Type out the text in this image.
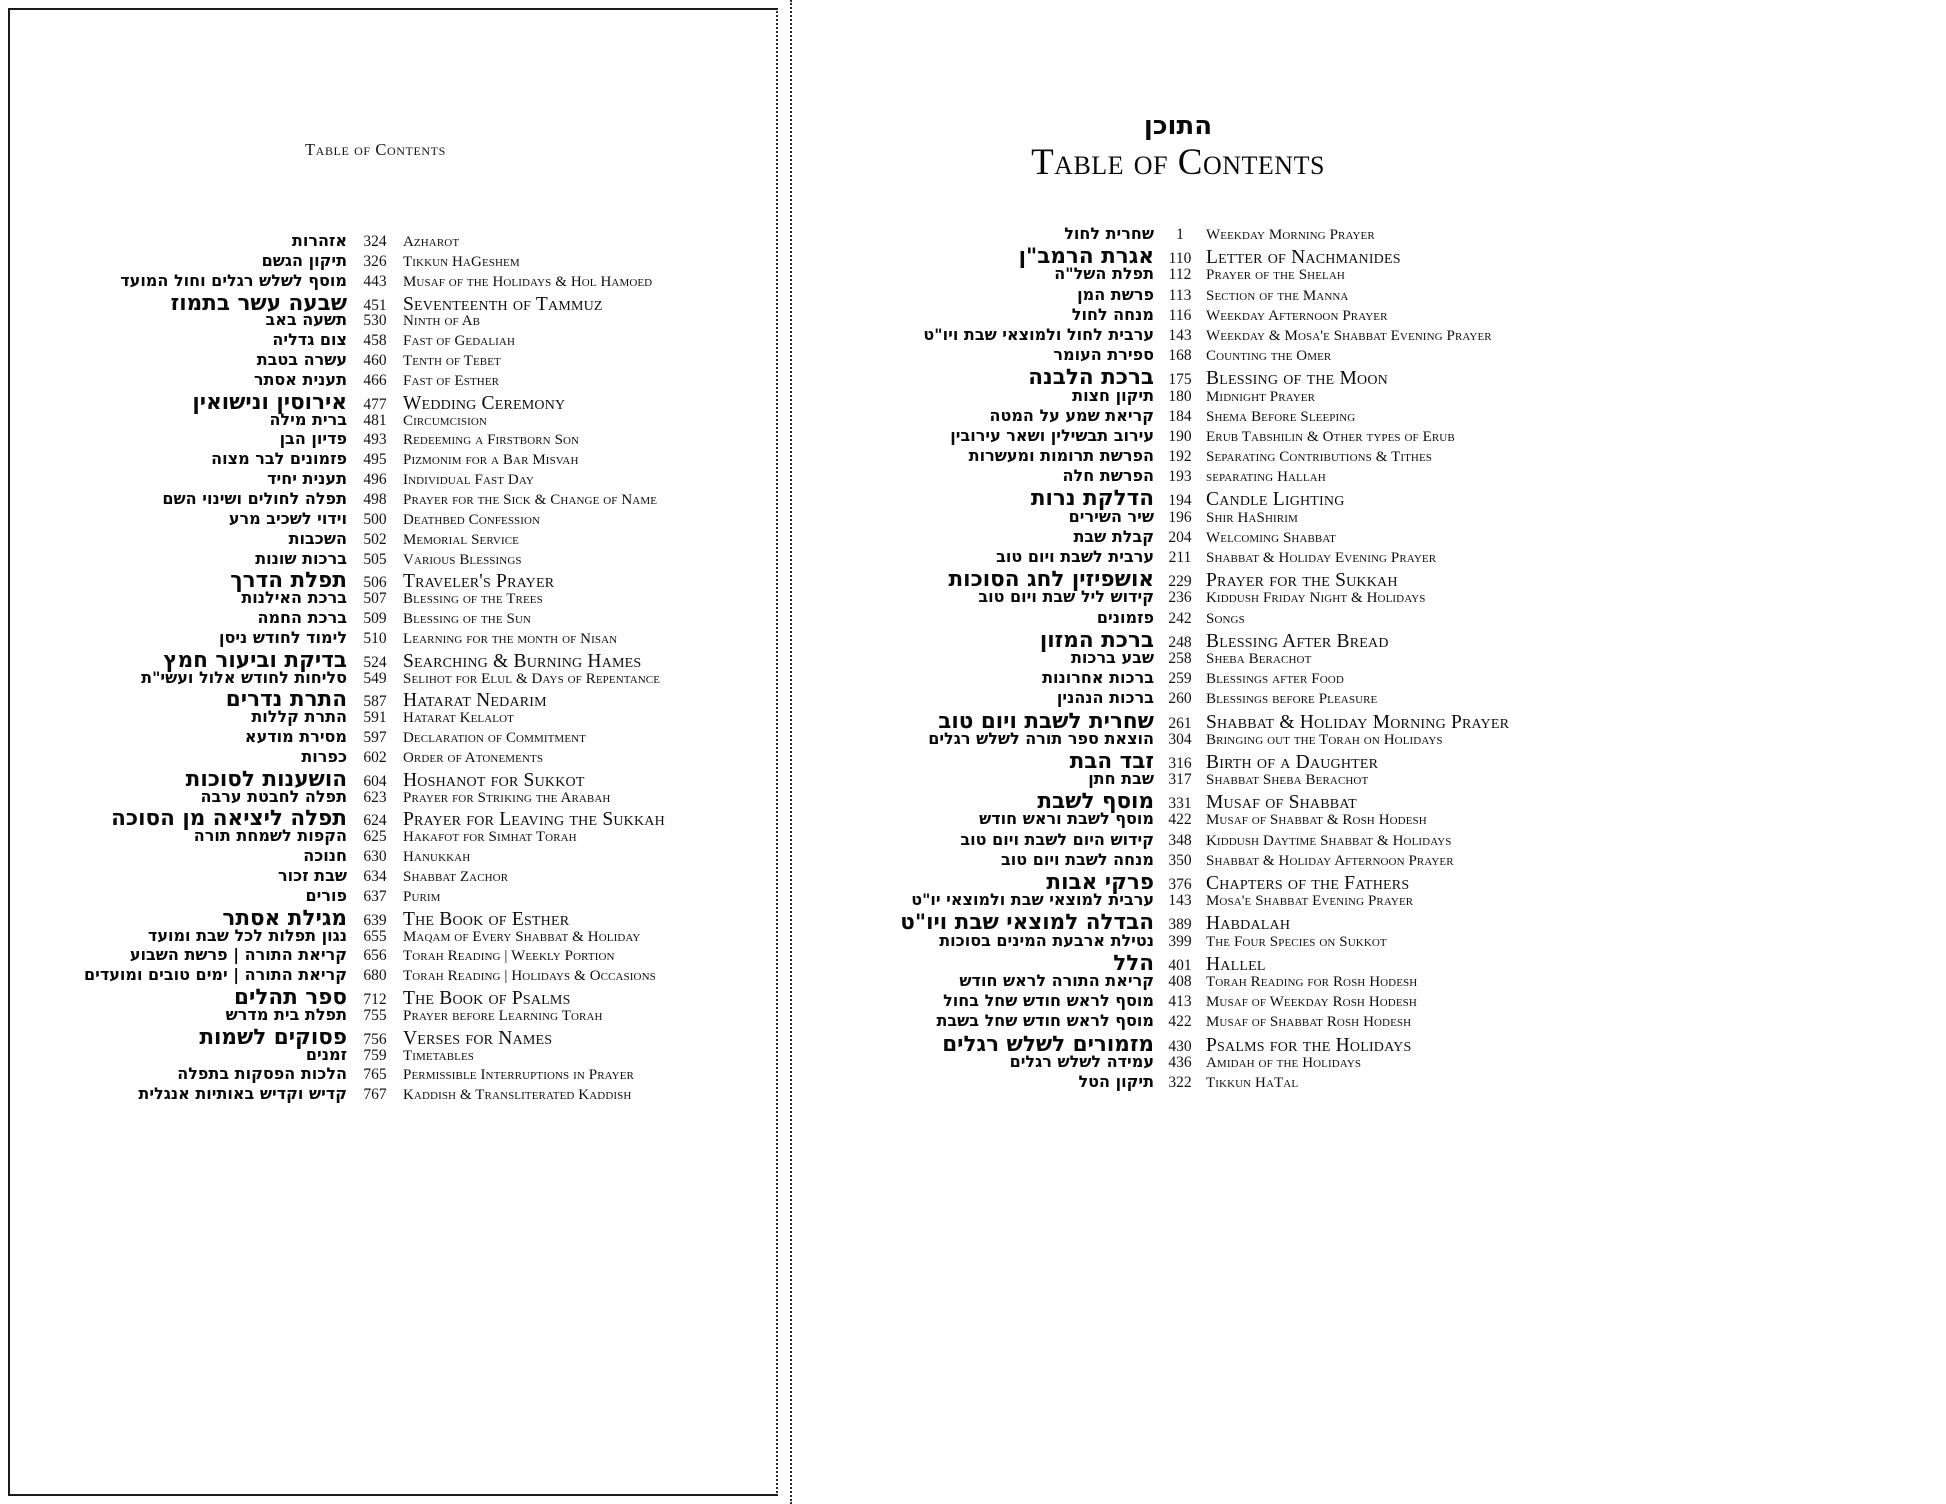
Table of Contents
אזהרות	324	Azharot
תיקון הגשם	326	Tikkun HaGeshem
מוסף לשלש רגלים וחול המועד	443	Musaf of the Holidays & Hol Hamoed
שבעה עשר בתמוז	451 Seventeenth of Tammuz
תשעה באב	530	Ninth of Ab
צום גדליה	458	Fast of Gedaliah
עשרה בטבת	460	Tenth of Tebet
תענית אסתר	466	Fast of Esther
אירוסין ונישואין	477 Wedding Ceremony
ברית מילה	481	Circumcision
פדיון הבן	493	Redeeming a Firstborn Son
פזמונים לבר מצוה	495	Pizmonim for a Bar Misvah
תענית יחיד	496	Individual Fast Day
תפלה לחולים ושינוי השם	498	Prayer for the Sick & Change of Name
וידוי לשכיב מרע	500	Deathbed Confession
השכבות	502	Memorial Service
ברכות שונות	505	Various Blessings
תפלת הדרך	506 Traveler's Prayer
ברכת האילנות	507	Blessing of the Trees
ברכת החמה	509	Blessing of the Sun
לימוד לחודש ניסן	510	Learning for the month of Nisan
בדיקת וביעור חמץ	524 Searching & Burning Hames
סליחות לחודש אלול ועשי"ת	549	Selihot for Elul & Days of Repentance
התרת נדרים	587 Hatarat Nedarim
התרת קללות	591	Hatarat Kelalot
מסירת מודעא	597	Declaration of Commitment
כפרות	602	Order of Atonements
הושענות לסוכות	604 Hoshanot for Sukkot
תפלה לחבטת ערבה	623	Prayer for Striking the Arabah
תפלה ליציאה מן הסוכה	624 Prayer for Leaving the Sukkah
הקפות לשמחת תורה	625	Hakafot for Simhat Torah
חנוכה	630	Hanukkah
שבת זכור	634	Shabbat Zachor
פורים	637	Purim
מגילת אסתר	639 The Book of Esther
נגון תפלות לכל שבת ומועד	655	Maqam of Every Shabbat & Holiday
קריאת התורה | פרשת השבוע	656	Torah Reading | Weekly Portion
קריאת התורה | ימים טובים ומועדים	680	Torah Reading | Holidays & Occasions
ספר תהלים	712 The Book of Psalms
תפלת בית מדרש	755	Prayer before Learning Torah
פסוקים לשמות	756 Verses for Names
זמנים	759	Timetables
הלכות הפסקות בתפלה	765	Permissible Interruptions in Prayer
קדיש וקדיש באותיות אנגלית	767	Kaddish & Transliterated Kaddish
התוכן
Table of Contents
שחרית לחול	1	Weekday Morning Prayer
אגרת הרמב"ן 110 Letter of Nachmanides
תפלת השל"ה 112 Prayer of the Shelah
פרשת המן 113 Section of the Manna
מנחה לחול 116 Weekday Afternoon Prayer
ערבית לחול ולמוצאי שבת ויו"ט 143 Weekday & Mosa'e Shabbat Evening Prayer
ספירת העומר 168 Counting the Omer
ברכת הלבנה 175 Blessing of the Moon
תיקון חצות 180 Midnight Prayer
קריאת שמע על המטה 184 Shema Before Sleeping
עירוב תבשילין ושאר עירובין 190 Erub Tabshilin & Other types of Erub
הפרשת תרומות ומעשרות 192 Separating Contributions & Tithes
הפרשת חלה 193 separating Hallah
הדלקת נרות 194 Candle Lighting
שיר השירים 196 Shir HaShirim
קבלת שבת 204 Welcoming Shabbat
ערבית לשבת ויום טוב 211 Shabbat & Holiday Evening Prayer
אושפיזין לחג הסוכות 229 Prayer for the Sukkah
קידוש ליל שבת ויום טוב 236 Kiddush Friday Night & Holidays
פזמונים 242 Songs
ברכת המזון 248 Blessing After Bread
שבע ברכות 258 Sheba Berachot
ברכות אחרונות 259 Blessings after Food
ברכות הנהנין 260 Blessings before Pleasure
שחרית לשבת ויום טוב 261 Shabbat & Holiday Morning Prayer
הוצאת ספר תורה לשלש רגלים 304 Bringing out the Torah on Holidays
זבד הבת 316 Birth of a Daughter
שבת חתן 317 Shabbat Sheba Berachot
מוסף לשבת 331 Musaf of Shabbat
מוסף לשבת וראש חודש 422 Musaf of Shabbat & Rosh Hodesh
קידוש היום לשבת ויום טוב 348 Kiddush Daytime Shabbat & Holidays
מנחה לשבת ויום טוב 350 Shabbat & Holiday Afternoon Prayer
פרקי אבות 376 Chapters of the Fathers
ערבית למוצאי שבת ולמוצאי יו"ט 143 Mosa'e Shabbat Evening Prayer
הבדלה למוצאי שבת ויו"ט 389 Habdalah
נטילת ארבעת המינים בסוכות 399 The Four Species on Sukkot
הלל 401 Hallel
קריאת התורה לראש חודש 408 Torah Reading for Rosh Hodesh
מוסף לראש חודש שחל בחול 413 Musaf of Weekday Rosh Hodesh
מוסף לראש חודש שחל בשבת 422 Musaf of Shabbat Rosh Hodesh
מזמורים לשלש רגלים 430 Psalms for the Holidays
עמידה לשלש רגלים 436 Amidah of the Holidays
תיקון הטל 322 Tikkun HaTal
